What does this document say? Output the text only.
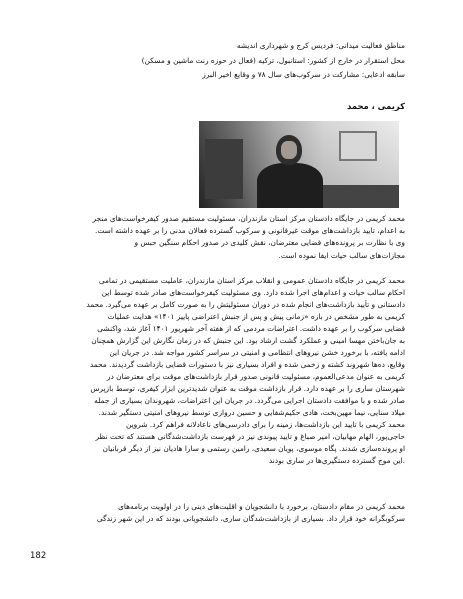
مناطق فعالیت میدانی: فردیس کرج و شهرداری اندیشه
محل استقرار در خارج از کشور: استانبول، ترکیه (فعال در حوزه رنت ماشین و مسکن)
سابقه ادعایی: مشارکت در سرکوب‌های سال ۷۸ و وقایع اخیر البرز
کریمی ، محمد
محمد کریمی در جایگاه دادستان مرکز استان مازندران، مسئولیت مستقیم صدور کیفرخواست‌های منجر
به اعدام، تایید بازداشت‌های موقت غیرقانونی و سرکوب گسترده فعالان مدنی را بر عهده داشته است.
وی با نظارت بر پرونده‌های قضایی معترضان، نقش کلیدی در صدور احکام سنگین حبس و
مجازات‌های سالب حیات ایفا نموده است.
محمد کریمی در جایگاه دادستان عمومی و انقلاب مرکز استان مازندران، عاملیت مستقیمی در تمامی
احکام سالب حیات و اعدام‌های اجرا شده دارد. وی مسئولیت کیفرخواست‌های صادر شده توسط این
دادستانی و تأیید بازداشت‌های انجام شده در دوران مسئولیتش را به صورت کامل بر عهده می‌گیرد. محمد
کریمی به طور مشخص در بازه «زمانی پیش و پس از جنبش اعتراضی پاییز ۱۴۰۱» هدایت عملیات
قضایی سرکوب را بر عهده داشت. اعتراضات مردمی که از هفته آخر شهریور ۱۴۰۱ آغاز شد، واکنشی
به جان‌باختن مهسا امینی و عملکرد گشت ارشاد بود. این جنبش که در زمان نگارش این گزارش همچنان
ادامه یافته، با برخورد خشن نیروهای انتظامی و امنیتی در سراسر کشور مواجه شد. در جریان این
وقایع، ده‌ها شهروند کشته و زخمی شده و افراد بسیاری نیز با دستورات قضایی بازداشت گردیدند. محمد
کریمی به عنوان مدعی‌العموم، مسئولیت قانونی صدور قرار بازداشت‌های موقت برای معترضان در
شهرستان ساری را بر عهده دارد. قرار بازداشت موقت به عنوان شدیدترین ابزار کیفری، توسط بازپرس
صادر شده و با موافقت دادستان اجرایی می‌گردد. در جریان این اعتراضات، شهروندان بسیاری از جمله
میلاد سنایی، نیما مهین‌بخت، هادی حکیم‌شفایی و حسین دروازی توسط نیروهای امنیتی دستگیر شدند.
محمد کریمی با تایید این بازداشت‌ها، زمینه را برای دادرسی‌های ناعادلانه فراهم کرد. شروین
حاجی‌پور، الهام مهابیان، امیر صباغ و تایید پیوندی نیز در فهرست بازداشت‌شدگانی هستند که تحت نظر
او پرونده‌سازی شدند. پگاه موسوی، پویان سعیدی، رامین رستمی و سارا هادیان نیز از دیگر قربانیان
.این موج گسترده دستگیری‌ها در ساری بودند
محمد کریمی در مقام دادستان، برخورد با دانشجویان و اقلیت‌های دینی را در اولویت برنامه‌های
سرکوبگرانه خود قرار داد. بسیاری از بازداشت‌شدگان ساری، دانشجویانی بودند که در این شهر زندگی
182
